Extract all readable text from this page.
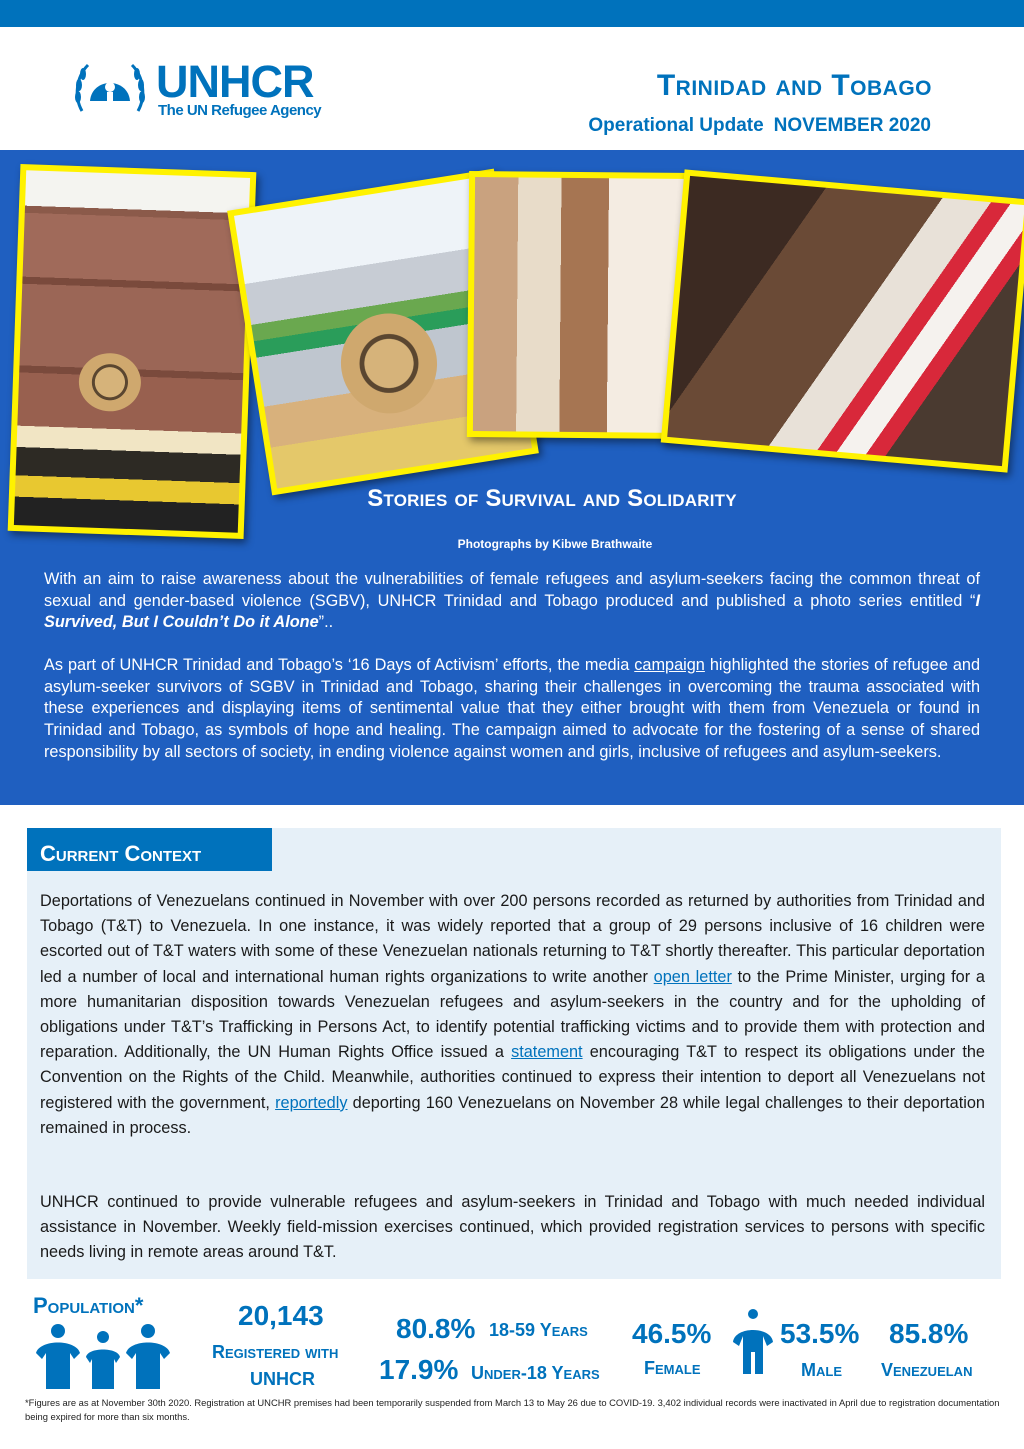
UNHCR
The UN Refugee Agency
Trinidad and Tobago
Operational Update NOVEMBER 2020
Stories of Survival and Solidarity
Photographs by Kibwe Brathwaite
With an aim to raise awareness about the vulnerabilities of female refugees and asylum-seekers facing the common threat of sexual and gender-based violence (SGBV), UNHCR Trinidad and Tobago produced and published a photo series entitled “I Survived, But I Couldn’t Do it Alone”..
As part of UNHCR Trinidad and Tobago’s ‘16 Days of Activism’ efforts, the media campaign highlighted the stories of refugee and asylum-seeker survivors of SGBV in Trinidad and Tobago, sharing their challenges in overcoming the trauma associated with these experiences and displaying items of sentimental value that they either brought with them from Venezuela or found in Trinidad and Tobago, as symbols of hope and healing. The campaign aimed to advocate for the fostering of a sense of shared responsibility by all sectors of society, in ending violence against women and girls, inclusive of refugees and asylum-seekers.
Current Context
Deportations of Venezuelans continued in November with over 200 persons recorded as returned by authorities from Trinidad and Tobago (T&T) to Venezuela. In one instance, it was widely reported that a group of 29 persons inclusive of 16 children were escorted out of T&T waters with some of these Venezuelan nationals returning to T&T shortly thereafter. This particular deportation led a number of local and international human rights organizations to write another open letter to the Prime Minister, urging for a more humanitarian disposition towards Venezuelan refugees and asylum-seekers in the country and for the upholding of obligations under T&T’s Trafficking in Persons Act, to identify potential trafficking victims and to provide them with protection and reparation. Additionally, the UN Human Rights Office issued a statement encouraging T&T to respect its obligations under the Convention on the Rights of the Child. Meanwhile, authorities continued to express their intention to deport all Venezuelans not registered with the government, reportedly deporting 160 Venezuelans on November 28 while legal challenges to their deportation remained in process.
UNHCR continued to provide vulnerable refugees and asylum-seekers in Trinidad and Tobago with much needed individual assistance in November. Weekly field-mission exercises continued, which provided registration services to persons with specific needs living in remote areas around T&T.
Population*	20,143
Registered with
UNHCR
80.8% 18-59 Years
17.9% Under-18 Years
46.5%
Female
53.5%
Male
85.8%
Venezuelan
*Figures are as at November 30th 2020. Registration at UNCHR premises had been temporarily suspended from March 13 to May 26 due to COVID-19. 3,402 individual records were inactivated in April due to registration documentation being expired for more than six months.
